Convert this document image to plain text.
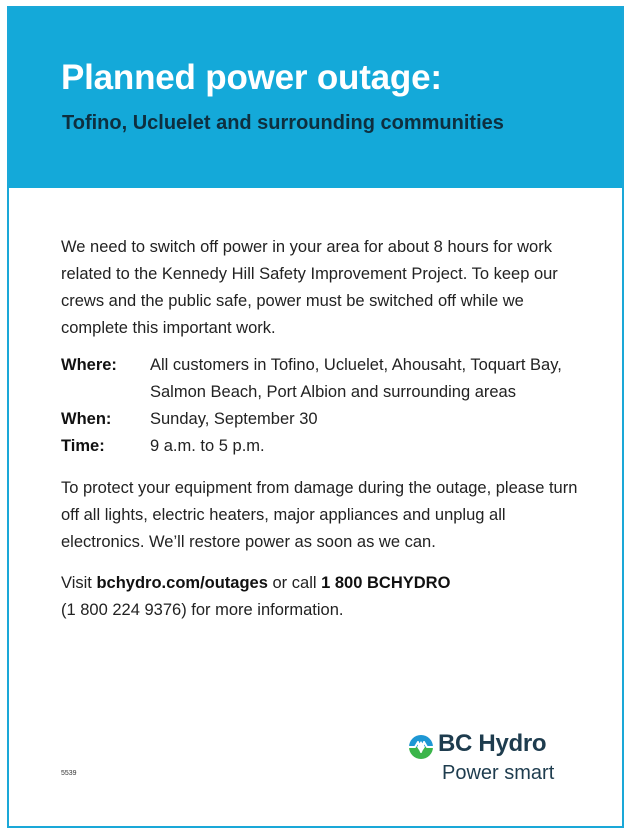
Planned power outage:
Tofino, Ucluelet and surrounding communities

We need to switch off power in your area for about 8 hours for work related to the Kennedy Hill Safety Improvement Project. To keep our crews and the public safe, power must be switched off while we complete this important work.

Where:	All customers in Tofino, Ucluelet, Ahousaht, Toquart Bay, Salmon Beach, Port Albion and surrounding areas
When:	Sunday, September 30
Time:	9 a.m. to 5 p.m.

To protect your equipment from damage during the outage, please turn off all lights, electric heaters, major appliances and unplug all electronics. We’ll restore power as soon as we can.

Visit bchydro.com/outages or call 1 800 BCHYDRO
(1 800 224 9376) for more information.

5539
BC Hydro
Power smart
